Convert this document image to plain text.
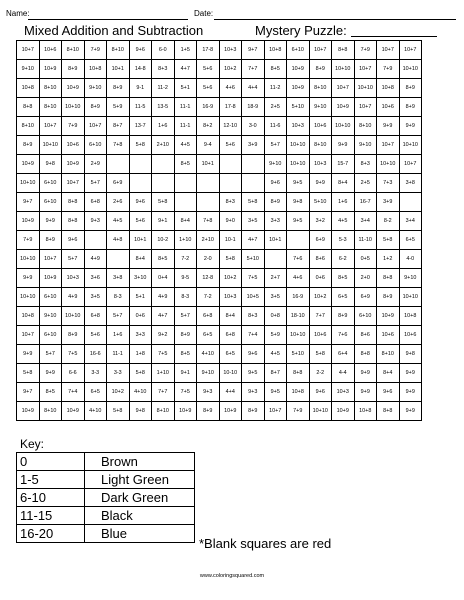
Name:	Date:
Mixed Addition and Subtraction	Mystery Puzzle:
10+7	10+6	8+10	7+9	8+10	9+6	6-0	1+5	17-8	10+3	9+7	10+8	6+10	10+7	8+8	7+9	10+7	10+7
9+10	10+9	8+9	10+8	10+1	14-8	8+3	4+7	5+6	10+2	7+7	8+5	10+9	8+9	10+10	10+7	7+9	10+10
10+8	8+10	10+9	9+10	8+9	9-1	11-2	5+1	5+6	4+6	4+4	11-2	10+9	8+10	10+7	10+10	10+8	8+9
8+8	8+10	10+10	8+9	5+9	11-5	13-5	11-1	16-9	17-8	18-9	2+5	5+10	9+10	10+9	10+7	10+6	8+9
8+10	10+7	7+9	10+7	8+7	13-7	1+6	11-1	8+2	12-10	3-0	11-6	10+3	10+6	10+10	8+10	9+9	9+9
8+9	10+10	10+6	6+10	7+8	5+8	2+10	4+5	9-4	5+6	3+9	5+7	10+10	8+10	9+9	9+10	10+7	10+10
10+9	9+8	10+9	2+9				8+5	10+1			9+10	10+10	10+3	15-7	8+3	10+10	10+7
10+10	6+10	10+7	5+7	6+9							9+6	9+5	9+9	8+4	2+5	7+3	3+8
9+7	6+10	8+8	6+8	2+6	9+6	5+8			8+3	5+8	8+9	9+8	5+10	1+6	16-7	3+9	
10+9	9+9	8+8	9+3	4+5	5+6	9+1	8+4	7+8	9+0	3+5	3+3	9+5	3+2	4+5	3+4	8-2	3+4
7+9	8+9	9+6		4+8	10+1	10-2	1+10	2+10	10-1	4+7	10+1		6+9	5-3	11-10	5+8	6+5
10+10	10+7	5+7	4+9		8+4	8+5	7-2	2-0	5+8	5+10		7+6	8+6	6-2	0+5	1+2	4-0
9+9	10+9	10+3	3+6	3+8	3+10	0+4	9-5	12-8	10+2	7+5	2+7	4+6	0+6	8+5	2+0	8+8	9+10
10+10	6+10	4+9	3+5	8-3	5+1	4+9	8-3	7-2	10+3	10+5	3+5	16-9	10+2	6+5	6+9	8+9	10+10
10+8	9+10	10+10	6+8	5+7	0+6	4+7	5+7	6+8	8+4	8+3	0+8	18-10	7+7	8+9	6+10	10+9	10+8
10+7	6+10	8+9	5+6	1+6	3+3	9+2	8+9	6+5	6+8	7+4	5+9	10+10	10+6	7+6	8+6	10+6	10+6
9+9	5+7	7+5	16-6	11-1	1+8	7+5	8+5	4+10	6+5	9+6	4+5	5+10	5+8	6+4	8+8	8+10	9+8
5+8	9+9	6-6	3-3	3-3	5+8	1+10	9+1	9+10	10-10	9+5	8+7	8+8	2-2	4-4	9+9	8+4	9+9
9+7	8+5	7+4	6+5	10+2	4+10	7+7	7+5	9+3	4+4	9+3	9+5	10+8	9+6	10+3	9+9	9+6	9+9
10+9	8+10	10+9	4+10	5+8	9+8	8+10	10+9	8+9	10+9	8+9	10+7	7+9	10+10	10+9	10+8	8+8	9+9
Key:
0	Brown
1-5	Light Green
6-10	Dark Green
11-15	Black
16-20	Blue
*Blank squares are red
www.coloringsquared.com
